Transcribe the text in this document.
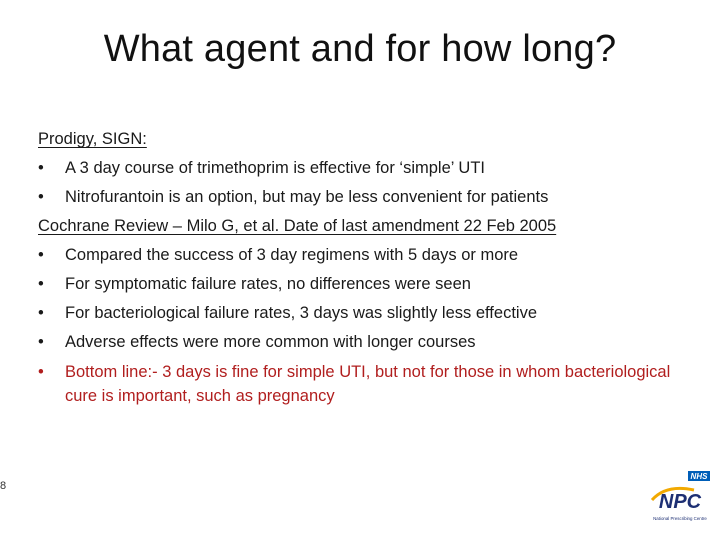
What agent and for how long?
Prodigy, SIGN:
• A 3 day course of trimethoprim is effective for ‘simple’ UTI
• Nitrofurantoin is an option, but may be less convenient for patients
Cochrane Review – Milo G, et al. Date of last amendment 22 Feb 2005
• Compared the success of 3 day regimens with 5 days or more
• For symptomatic failure rates, no differences were seen
• For bacteriological failure rates, 3 days was slightly less effective
• Adverse effects were more common with longer courses
• Bottom line:- 3 days is fine for simple UTI, but not for those in whom bacteriological cure is important, such as pregnancy
8
NHS
NPC
National Prescribing Centre
